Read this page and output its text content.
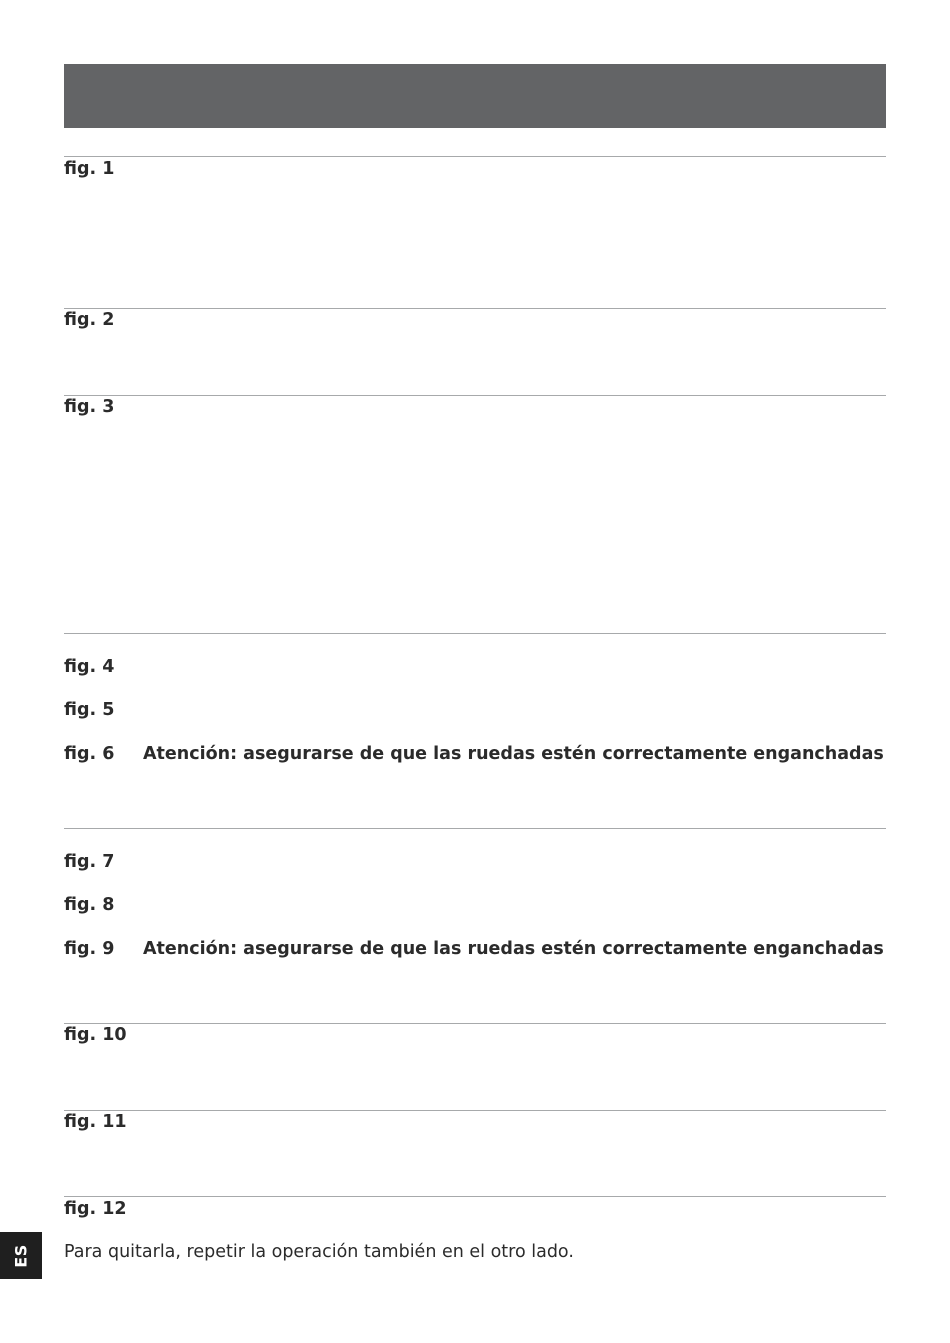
fig. 1
fig. 2
fig. 3
fig. 4
fig. 5
fig. 6 Atención: asegurarse de que las ruedas estén correctamente enganchadas
fig. 7
fig. 8
fig. 9 Atención: asegurarse de que las ruedas estén correctamente enganchadas
fig. 10
fig. 11
fig. 12
Para quitarla, repetir la operación también en el otro lado.
ES
